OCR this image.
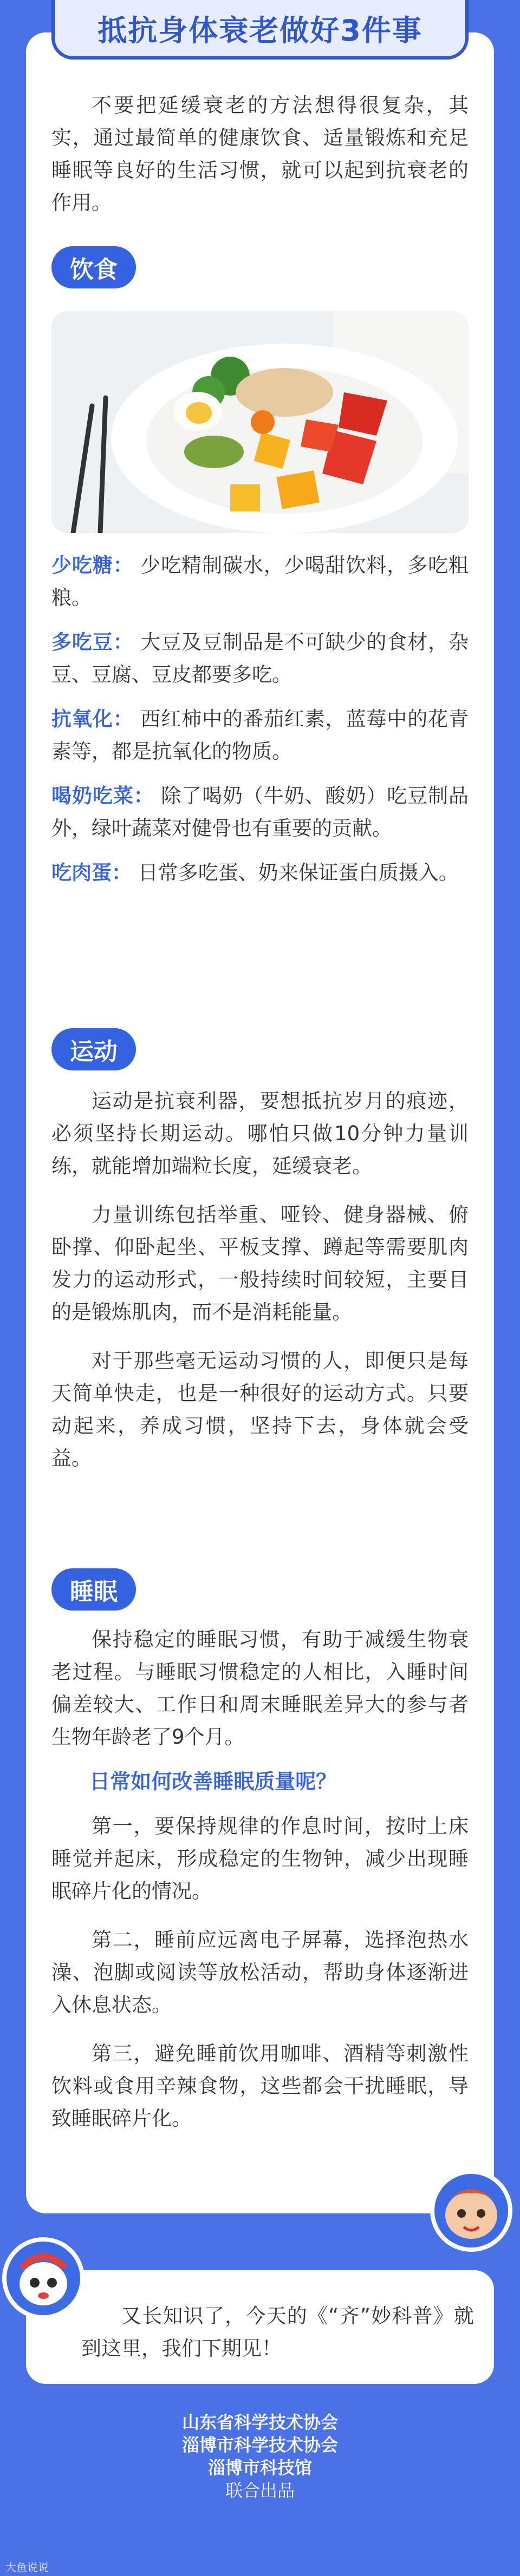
抵抗身体衰老做好3件事

不要把延缓衰老的方法想得很复杂，其实，通过最简单的健康饮食、适量锻炼和充足睡眠等良好的生活习惯，就可以起到抗衰老的作用。

饮食

少吃糖： 少吃精制碳水，少喝甜饮料，多吃粗粮。

多吃豆： 大豆及豆制品是不可缺少的食材，杂豆、豆腐、豆皮都要多吃。

抗氧化： 西红柿中的番茄红素，蓝莓中的花青素等，都是抗氧化的物质。

喝奶吃菜： 除了喝奶（牛奶、酸奶）吃豆制品外，绿叶蔬菜对健骨也有重要的贡献。

吃肉蛋： 日常多吃蛋、奶来保证蛋白质摄入。

运动

运动是抗衰利器，要想抵抗岁月的痕迹，必须坚持长期运动。哪怕只做10分钟力量训练，就能增加端粒长度，延缓衰老。

力量训练包括举重、哑铃、健身器械、俯卧撑、仰卧起坐、平板支撑、蹲起等需要肌肉发力的运动形式，一般持续时间较短，主要目的是锻炼肌肉，而不是消耗能量。

对于那些毫无运动习惯的人，即便只是每天简单快走，也是一种很好的运动方式。只要动起来，养成习惯，坚持下去，身体就会受益。

睡眠

保持稳定的睡眠习惯，有助于减缓生物衰老过程。与睡眠习惯稳定的人相比，入睡时间偏差较大、工作日和周末睡眠差异大的参与者生物年龄老了9个月。

日常如何改善睡眠质量呢？

第一，要保持规律的作息时间，按时上床睡觉并起床，形成稳定的生物钟，减少出现睡眠碎片化的情况。

第二，睡前应远离电子屏幕，选择泡热水澡、泡脚或阅读等放松活动，帮助身体逐渐进入休息状态。

第三，避免睡前饮用咖啡、酒精等刺激性饮料或食用辛辣食物，这些都会干扰睡眠，导致睡眠碎片化。

又长知识了，今天的《“齐”妙科普》就到这里，我们下期见！

山东省科学技术协会
淄博市科学技术协会
淄博市科技馆
联合出品
大鱼说说
